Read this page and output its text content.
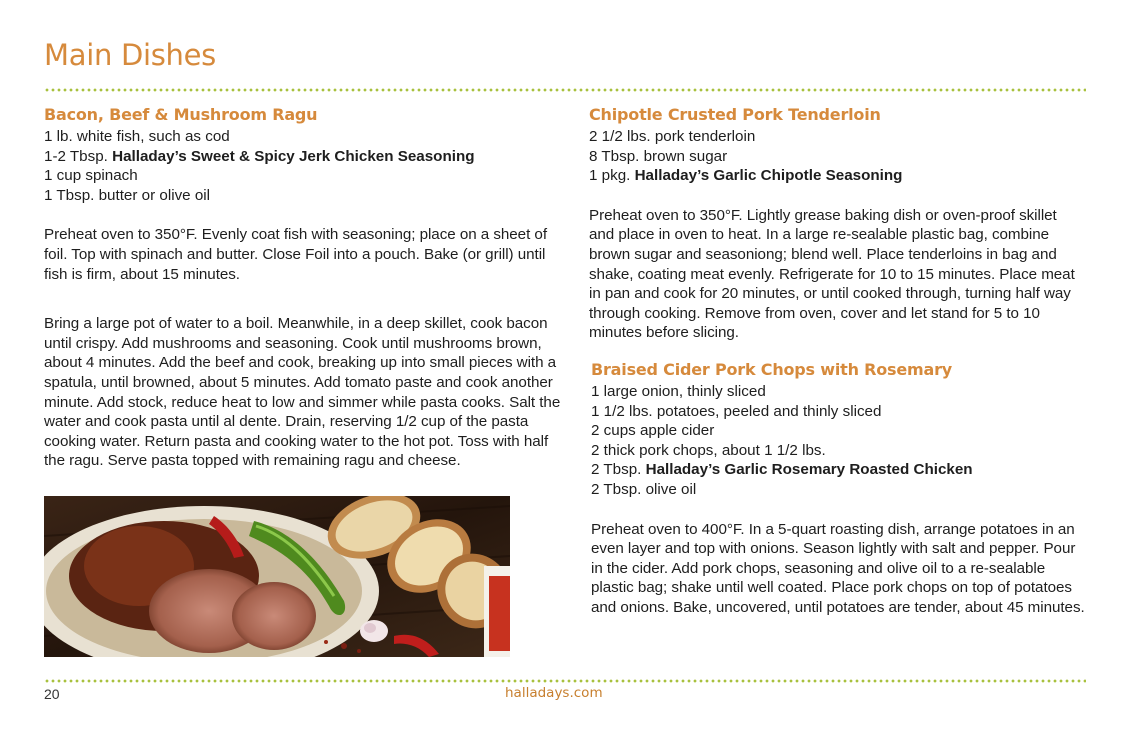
Main Dishes
Bacon, Beef & Mushroom Ragu
1 lb. white fish, such as cod
1-2 Tbsp. Halladay’s Sweet & Spicy Jerk Chicken Seasoning
1 cup spinach
1 Tbsp. butter or olive oil

Preheat oven to 350°F. Evenly coat fish with seasoning; place on a sheet of foil. Top with spinach and butter. Close Foil into a pouch. Bake (or grill) until fish is firm, about 15 minutes.

Bring a large pot of water to a boil. Meanwhile, in a deep skillet, cook bacon until crispy. Add mushrooms and seasoning. Cook until mushrooms brown, about 4 minutes. Add the beef and cook, breaking up into small pieces with a spatula, until browned, about 5 minutes. Add tomato paste and cook another minute. Add stock, reduce heat to low and simmer while pasta cooks. Salt the water and cook pasta until al dente. Drain, reserving 1/2 cup of the pasta cooking water. Return pasta and cooking water to the hot pot. Toss with half the ragu. Serve pasta topped with remaining ragu and cheese.

Chipotle Crusted Pork Tenderloin
2 1/2 lbs. pork tenderloin
8 Tbsp. brown sugar
1 pkg. Halladay’s Garlic Chipotle Seasoning

Preheat oven to 350°F. Lightly grease baking dish or oven-proof skillet and place in oven to heat. In a large re-sealable plastic bag, combine brown sugar and seasoniong; blend well. Place tenderloins in bag and shake, coating meat evenly. Refrigerate for 10 to 15 minutes. Place meat in pan and cook for 20 minutes, or until cooked through, turning half way through cooking. Remove from oven, cover and let stand for 5 to 10 minutes before slicing.

Braised Cider Pork Chops with Rosemary
1 large onion, thinly sliced
1 1/2 lbs. potatoes, peeled and thinly sliced
2 cups apple cider
2 thick pork chops, about 1 1/2 lbs.
2 Tbsp. Halladay’s Garlic Rosemary Roasted Chicken
2 Tbsp. olive oil

Preheat oven to 400°F. In a 5-quart roasting dish, arrange potatoes in an even layer and top with onions. Season lightly with salt and pepper. Pour in the cider. Add pork chops, seasoning and olive oil to a re-sealable plastic bag; shake until well coated. Place pork chops on top of potatoes and onions. Bake, uncovered, until potatoes are tender, about 45 minutes.

20	halladays.com
